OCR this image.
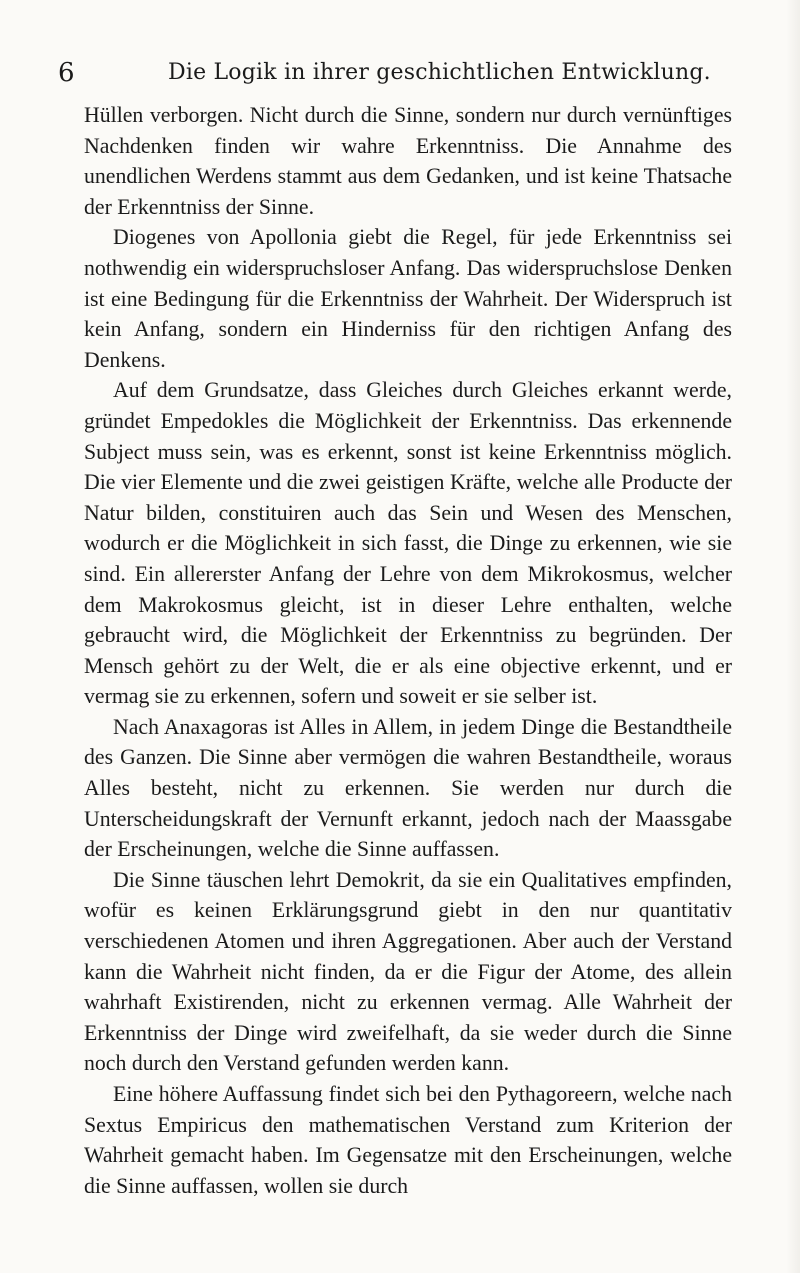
6	Die Logik in ihrer geschichtlichen Entwicklung.

Hüllen verborgen. Nicht durch die Sinne, sondern nur durch vernünftiges Nachdenken finden wir wahre Erkenntniss. Die Annahme des unendlichen Werdens stammt aus dem Gedanken, und ist keine Thatsache der Erkenntniss der Sinne.

Diogenes von Apollonia giebt die Regel, für jede Erkenntniss sei nothwendig ein widerspruchsloser Anfang. Das widerspruchslose Denken ist eine Bedingung für die Erkenntniss der Wahrheit. Der Widerspruch ist kein Anfang, sondern ein Hinderniss für den richtigen Anfang des Denkens.

Auf dem Grundsatze, dass Gleiches durch Gleiches erkannt werde, gründet Empedokles die Möglichkeit der Erkenntniss. Das erkennende Subject muss sein, was es erkennt, sonst ist keine Erkenntniss möglich. Die vier Elemente und die zwei geistigen Kräfte, welche alle Producte der Natur bilden, constituiren auch das Sein und Wesen des Menschen, wodurch er die Möglichkeit in sich fasst, die Dinge zu erkennen, wie sie sind. Ein allererster Anfang der Lehre von dem Mikrokosmus, welcher dem Makrokosmus gleicht, ist in dieser Lehre enthalten, welche gebraucht wird, die Möglichkeit der Erkenntniss zu begründen. Der Mensch gehört zu der Welt, die er als eine objective erkennt, und er vermag sie zu erkennen, sofern und soweit er sie selber ist.

Nach Anaxagoras ist Alles in Allem, in jedem Dinge die Bestandtheile des Ganzen. Die Sinne aber vermögen die wahren Bestandtheile, woraus Alles besteht, nicht zu erkennen. Sie werden nur durch die Unterscheidungskraft der Vernunft erkannt, jedoch nach der Maassgabe der Erscheinungen, welche die Sinne auffassen.

Die Sinne täuschen lehrt Demokrit, da sie ein Qualitatives empfinden, wofür es keinen Erklärungsgrund giebt in den nur quantitativ verschiedenen Atomen und ihren Aggregationen. Aber auch der Verstand kann die Wahrheit nicht finden, da er die Figur der Atome, des allein wahrhaft Existirenden, nicht zu erkennen vermag. Alle Wahrheit der Erkenntniss der Dinge wird zweifelhaft, da sie weder durch die Sinne noch durch den Verstand gefunden werden kann.

Eine höhere Auffassung findet sich bei den Pythagoreern, welche nach Sextus Empiricus den mathematischen Verstand zum Kriterion der Wahrheit gemacht haben. Im Gegensatze mit den Erscheinungen, welche die Sinne auffassen, wollen sie durch
